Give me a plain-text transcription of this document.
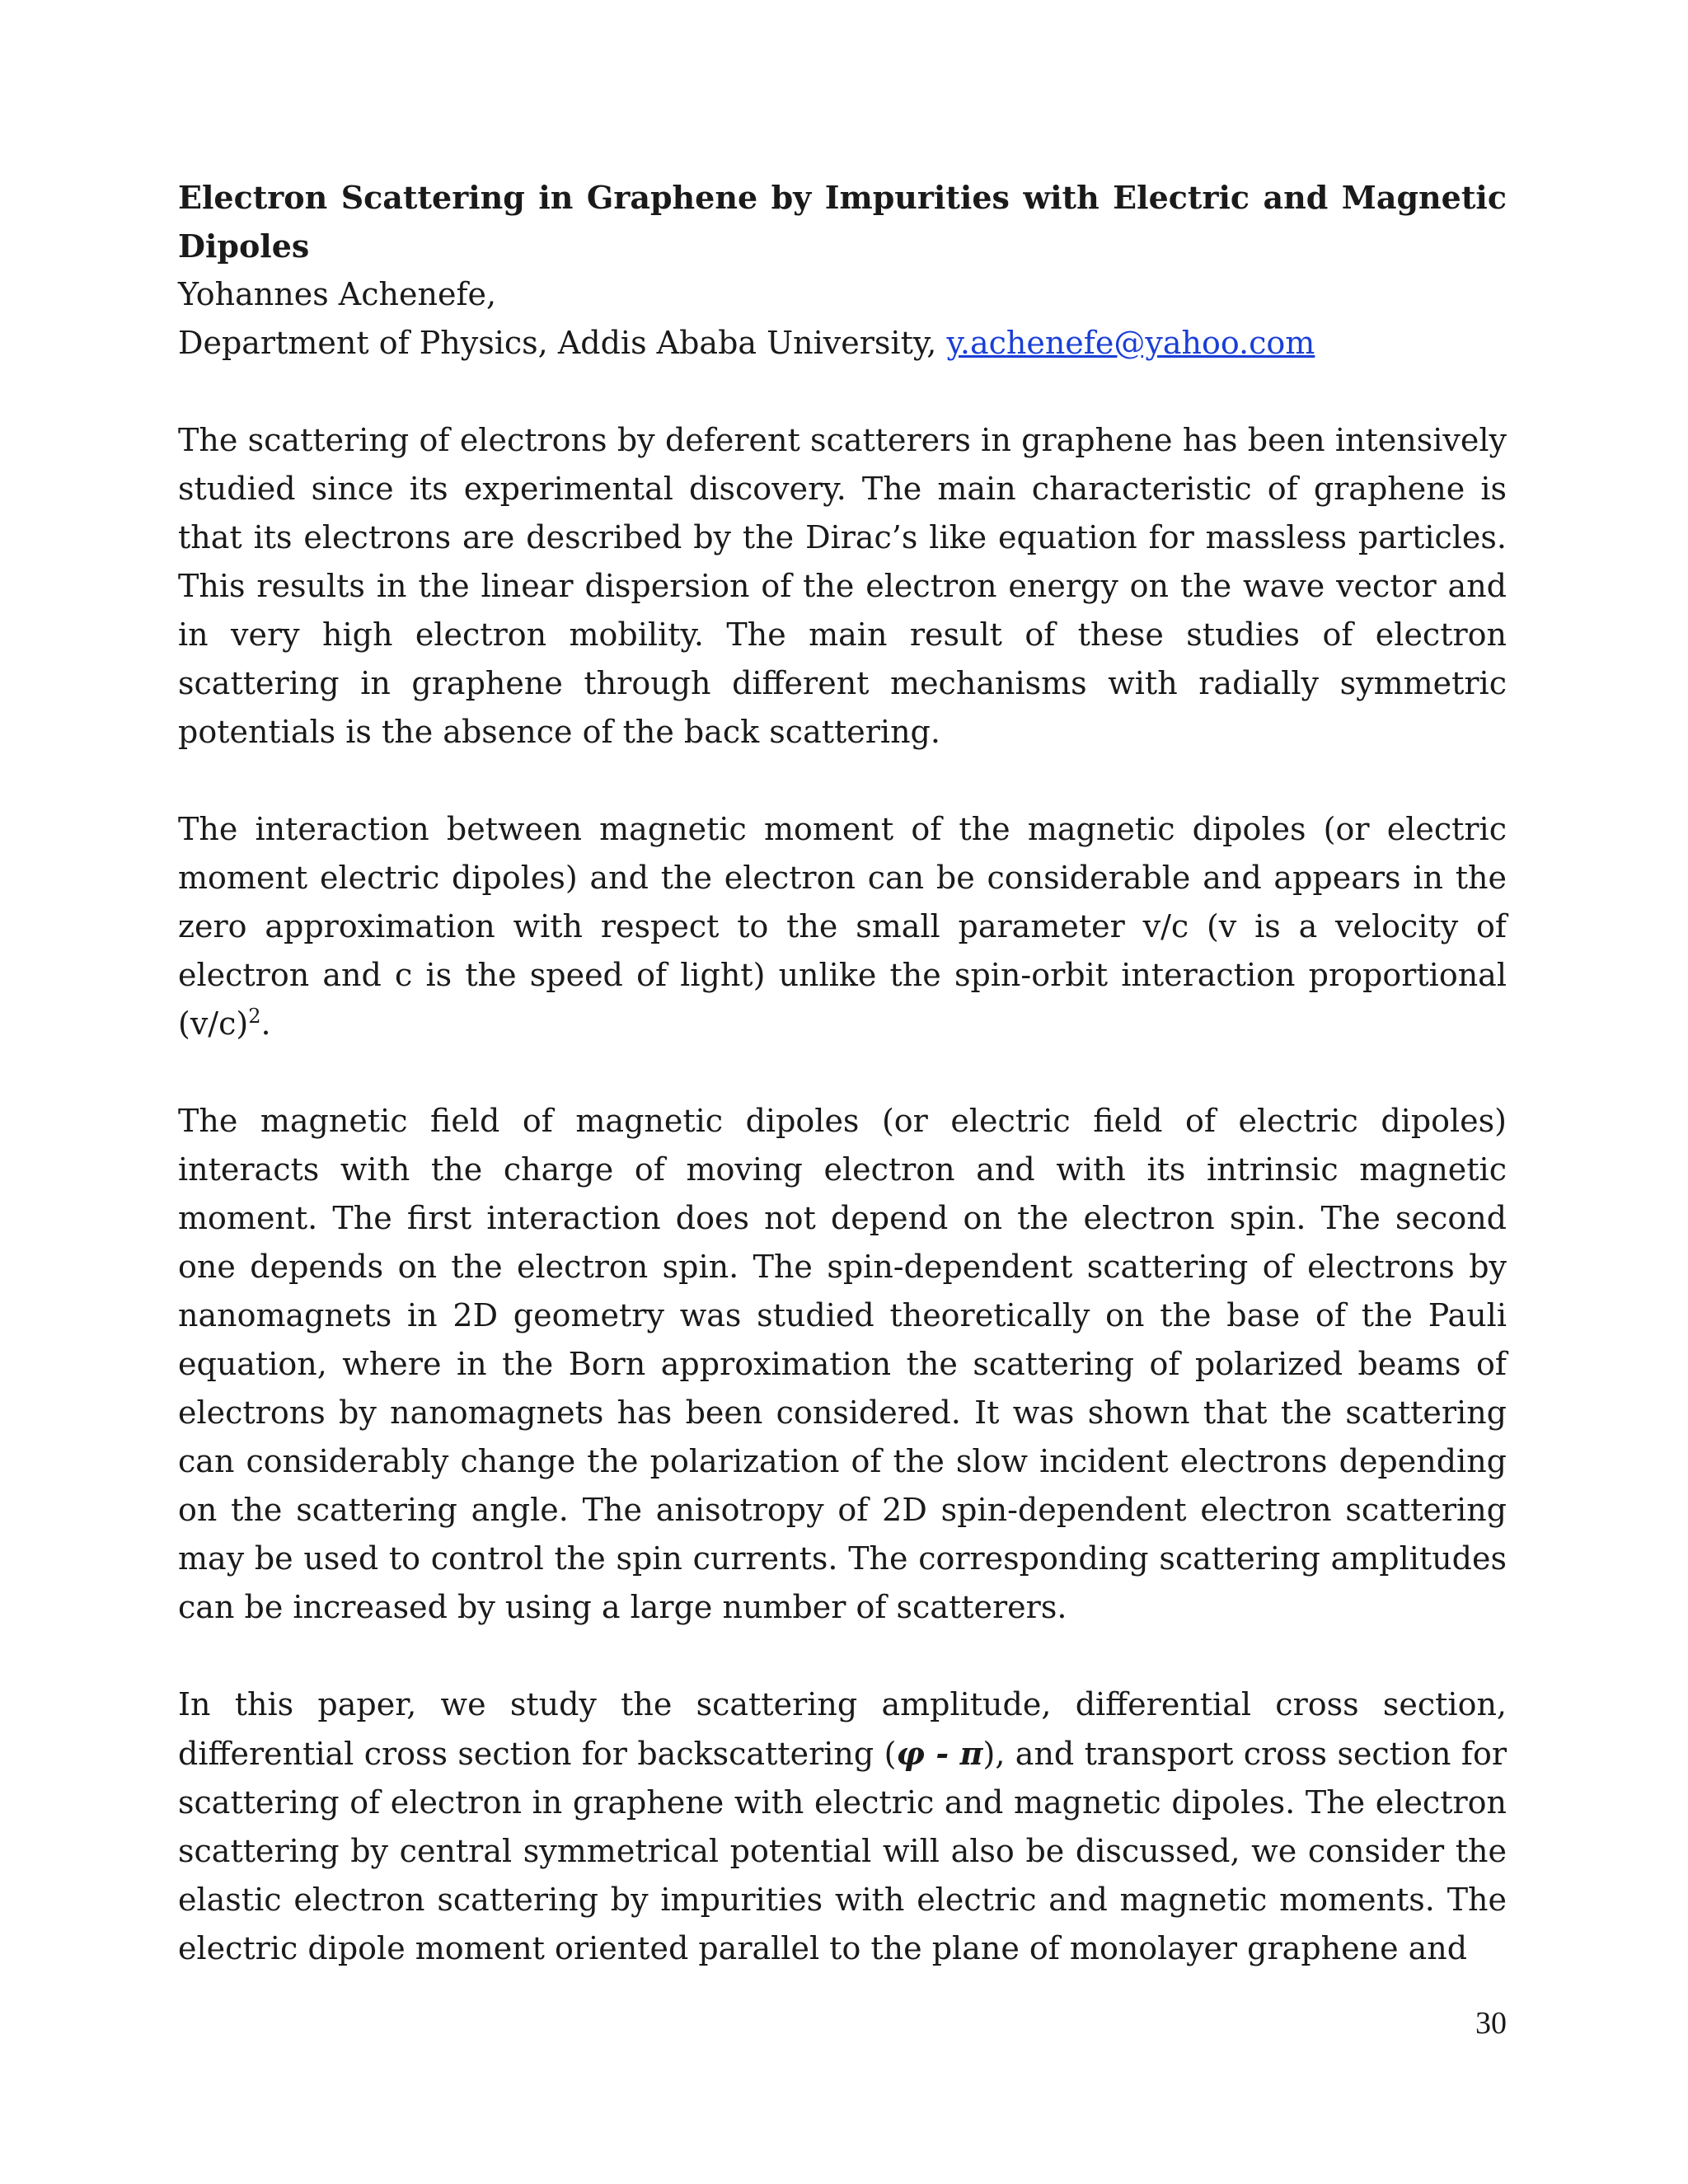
Electron Scattering in Graphene by Impurities with Electric and Magnetic Dipoles

Yohannes Achenefe,

Department of Physics, Addis Ababa University, y.achenefe@yahoo.com

The scattering of electrons by deferent scatterers in graphene has been intensively studied since its experimental discovery. The main characteristic of graphene is that its electrons are described by the Dirac’s like equation for massless particles. This results in the linear dispersion of the electron energy on the wave vector and in very high electron mobility. The main result of these studies of electron scattering in graphene through different mechanisms with radially symmetric potentials is the absence of the back scattering.

The interaction between magnetic moment of the magnetic dipoles (or electric moment electric dipoles) and the electron can be considerable and appears in the zero approximation with respect to the small parameter v/c (v is a velocity of electron and c is the speed of light) unlike the spin-orbit interaction proportional $(v/c)^2$.

The magnetic field of magnetic dipoles (or electric field of electric dipoles) interacts with the charge of moving electron and with its intrinsic magnetic moment. The first interaction does not depend on the electron spin. The second one depends on the electron spin. The spin-dependent scattering of electrons by nanomagnets in 2D geometry was studied theoretically on the base of the Pauli equation, where in the Born approximation the scattering of polarized beams of electrons by nanomagnets has been considered. It was shown that the scattering can considerably change the polarization of the slow incident electrons depending on the scattering angle. The anisotropy of 2D spin-dependent electron scattering may be used to control the spin currents. The corresponding scattering amplitudes can be increased by using a large number of scatterers.

In this paper, we study the scattering amplitude, differential cross section, differential cross section for backscattering (φ - π), and transport cross section for scattering of electron in graphene with electric and magnetic dipoles. The electron scattering by central symmetrical potential will also be discussed, we consider the elastic electron scattering by impurities with electric and magnetic moments. The electric dipole moment oriented parallel to the plane of monolayer graphene and

30
